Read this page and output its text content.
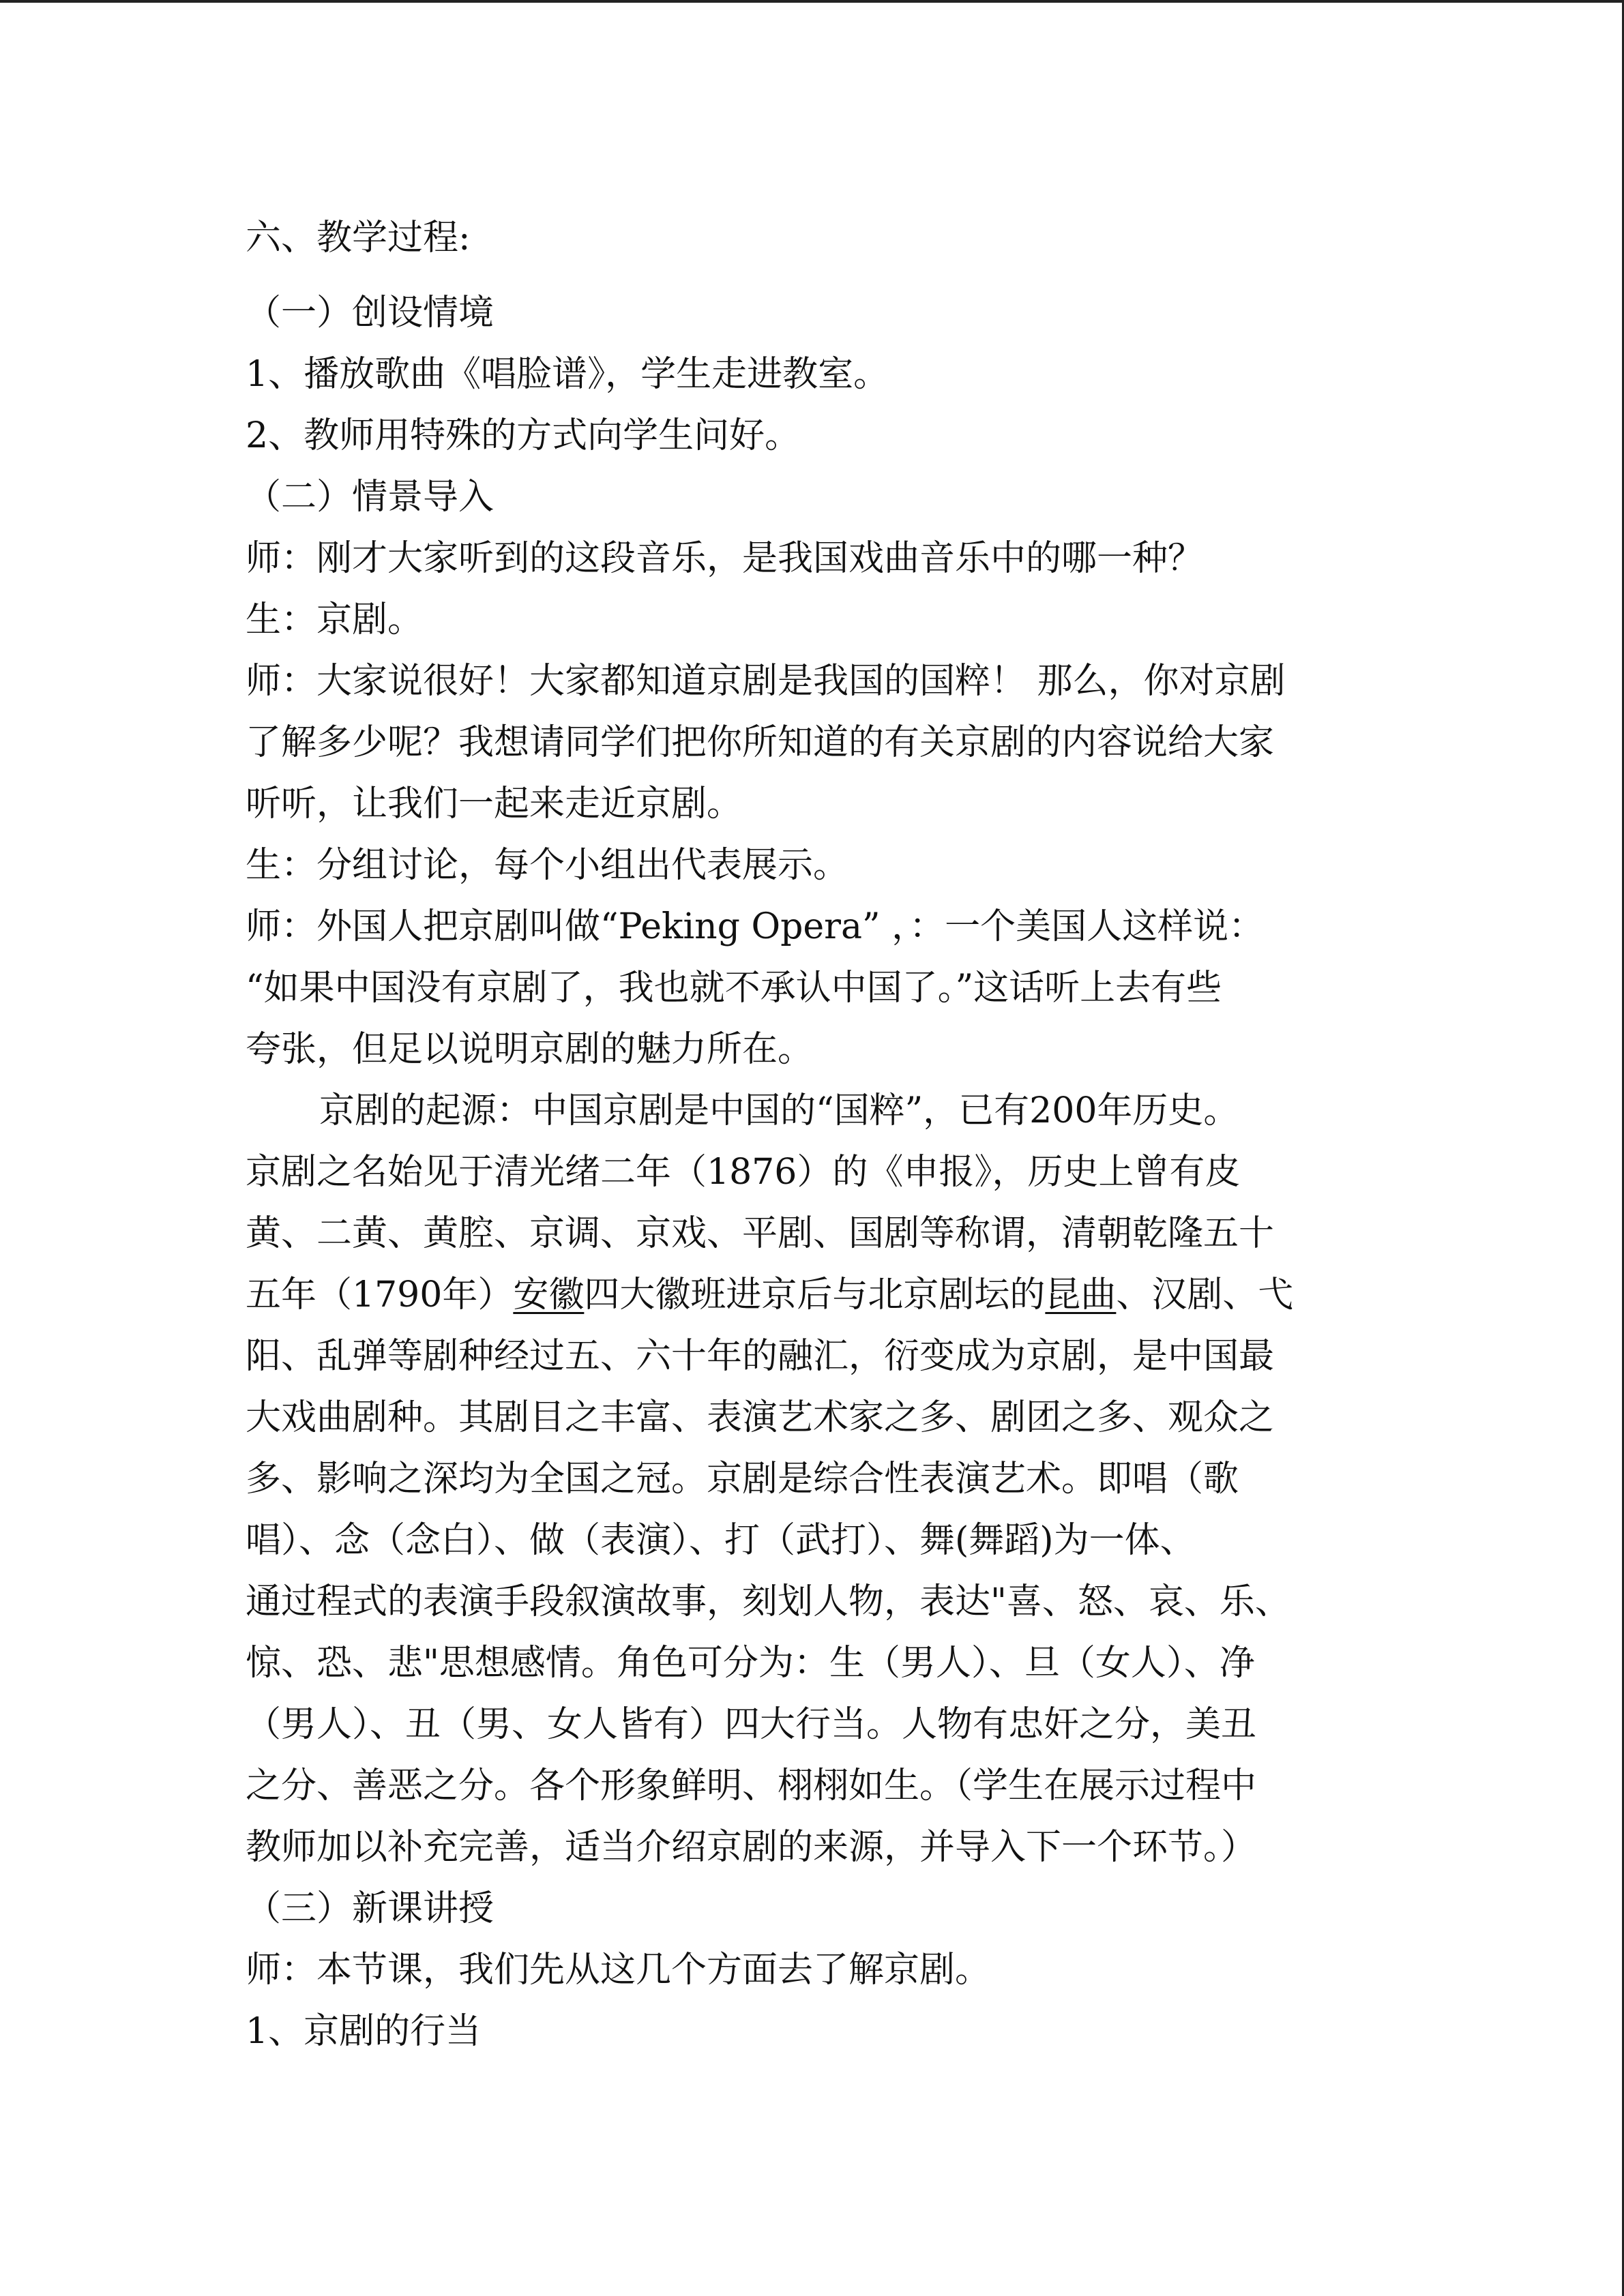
六、教学过程:

（一）创设情境

1、播放歌曲《唱脸谱》，学生走进教室。

2、教师用特殊的方式向学生问好。

（二）情景导入

师：刚才大家听到的这段音乐，是我国戏曲音乐中的哪一种？

生：京剧。

师：大家说很好！大家都知道京剧是我国的国粹！ 那么，你对京剧

了解多少呢？我想请同学们把你所知道的有关京剧的内容说给大家

听听，让我们一起来走近京剧。

生：分组讨论，每个小组出代表展示。

师：外国人把京剧叫做“Peking Opera” ，：一个美国人这样说：

“如果中国没有京剧了，我也就不承认中国了。”这话听上去有些

夸张，但足以说明京剧的魅力所在。

京剧的起源：中国京剧是中国的“国粹”，已有200年历史。

京剧之名始见于清光绪二年（1876）的《申报》，历史上曾有皮

黄、二黄、黄腔、京调、京戏、平剧、国剧等称谓，清朝乾隆五十

五年（1790年）安徽四大徽班进京后与北京剧坛的昆曲、汉剧、弋

阳、乱弹等剧种经过五、六十年的融汇，衍变成为京剧，是中国最

大戏曲剧种。其剧目之丰富、表演艺术家之多、剧团之多、观众之

多、影响之深均为全国之冠。京剧是综合性表演艺术。即唱（歌

唱）、念（念白）、做（表演）、打（武打）、舞(舞蹈)为一体、

通过程式的表演手段叙演故事，刻划人物，表达"喜、怒、哀、乐、

惊、恐、悲"思想感情。角色可分为：生（男人）、旦（女人）、净

（男人）、丑（男、女人皆有）四大行当。人物有忠奸之分，美丑

之分、善恶之分。各个形象鲜明、栩栩如生。（学生在展示过程中

教师加以补充完善，适当介绍京剧的来源，并导入下一个环节。）

（三）新课讲授

师：本节课，我们先从这几个方面去了解京剧。

1、京剧的行当
